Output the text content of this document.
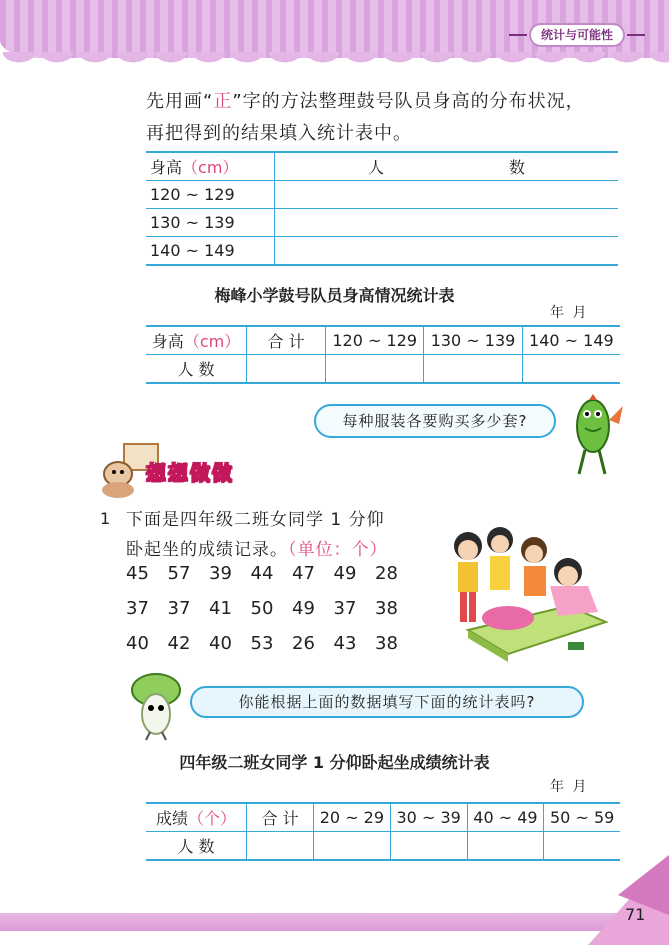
统计与可能性
先用画“正”字的方法整理鼓号队员身高的分布状况，
再把得到的结果填入统计表中。
身高（cm）	人 数
120 ~ 129	
130 ~ 139	
140 ~ 149	
梅峰小学鼓号队员身高情况统计表
年 月
身高（cm）	合 计	120 ~ 129	130 ~ 139	140 ~ 149
人 数				
每种服装各要购买多少套?
想想做做
1 下面是四年级二班女同学 1 分仰
卧起坐的成绩记录。（单位：个）
45	57	39	44	47	49	28
37	37	41	50	49	37	38
40	42	40	53	26	43	38
你能根据上面的数据填写下面的统计表吗?
四年级二班女同学 1 分仰卧起坐成绩统计表
年 月
成绩（个）	合 计	20 ~ 29	30 ~ 39	40 ~ 49	50 ~ 59
人 数					
71
